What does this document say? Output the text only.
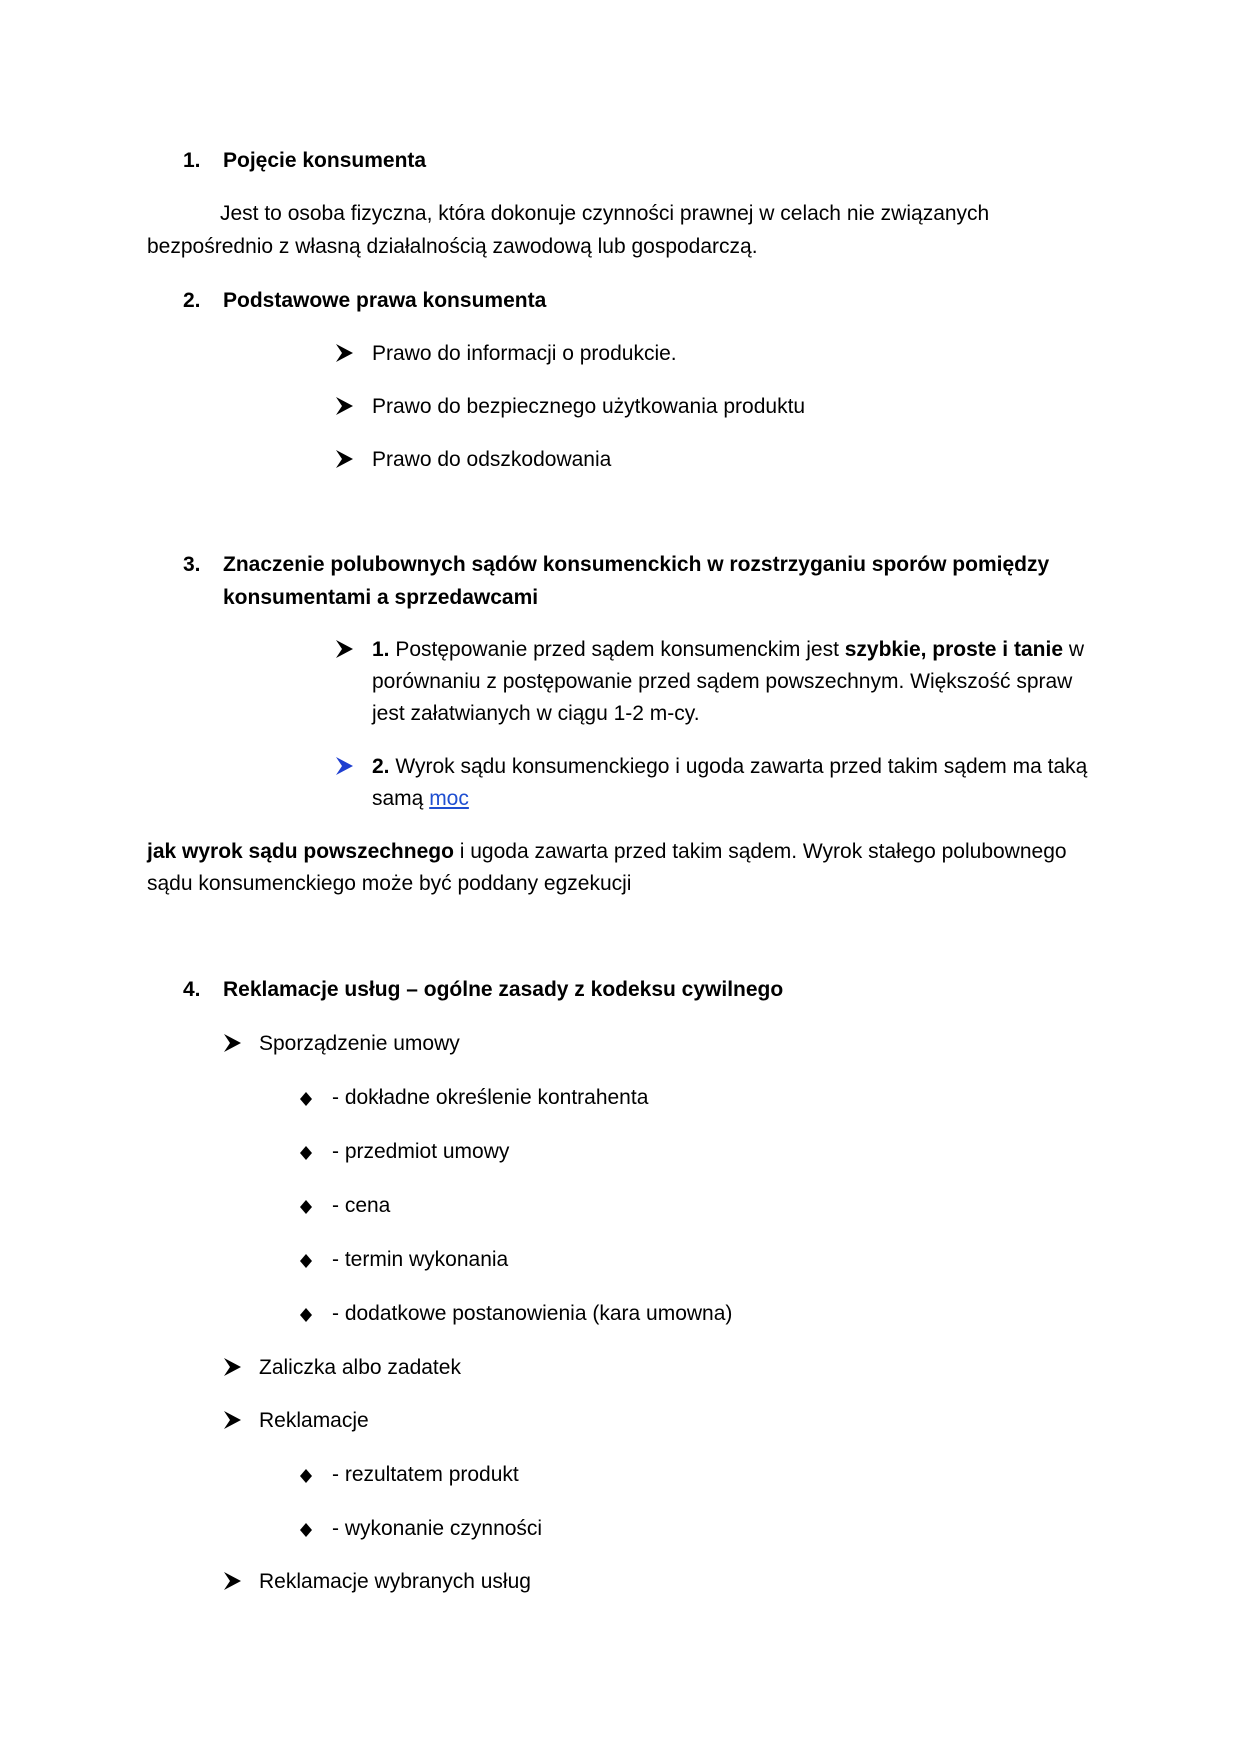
1. Pojęcie konsumenta
Jest to osoba fizyczna, która dokonuje czynności prawnej w celach nie związanych
bezpośrednio z własną działalnością zawodową lub gospodarczą.
2. Podstawowe prawa konsumenta
Prawo do informacji o produkcie.
Prawo do bezpiecznego użytkowania produktu
Prawo do odszkodowania
3. Znaczenie polubownych sądów konsumenckich w rozstrzyganiu sporów pomiędzy
konsumentami a sprzedawcami
1. Postępowanie przed sądem konsumenckim jest szybkie, proste i tanie w
porównaniu z postępowanie przed sądem powszechnym. Większość spraw
jest załatwianych w ciągu 1-2 m-cy.
2. Wyrok sądu konsumenckiego i ugoda zawarta przed takim sądem ma taką
samą moc
jak wyrok sądu powszechnego i ugoda zawarta przed takim sądem. Wyrok stałego polubownego
sądu konsumenckiego może być poddany egzekucji
4. Reklamacje usług – ogólne zasady z kodeksu cywilnego
Sporządzenie umowy
- dokładne określenie kontrahenta
- przedmiot umowy
- cena
- termin wykonania
- dodatkowe postanowienia (kara umowna)
Zaliczka albo zadatek
Reklamacje
- rezultatem produkt
- wykonanie czynności
Reklamacje wybranych usług
